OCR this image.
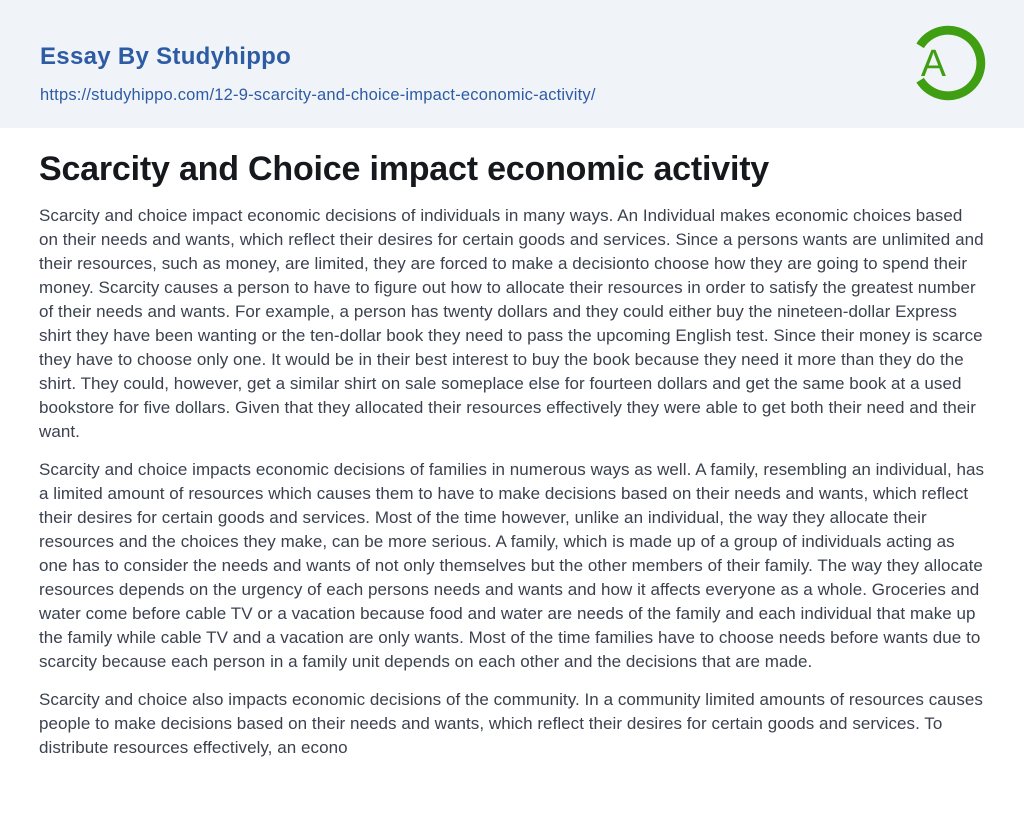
Essay By Studyhippo
https://studyhippo.com/12-9-scarcity-and-choice-impact-economic-activity/
A
Scarcity and Choice impact economic activity

Scarcity and choice impact economic decisions of individuals in many ways. An Individual makes economic choices based on their needs and wants, which reflect their desires for certain goods and services. Since a persons wants are unlimited and their resources, such as money, are limited, they are forced to make a decisionto choose how they are going to spend their money. Scarcity causes a person to have to figure out how to allocate their resources in order to satisfy the greatest number of their needs and wants. For example, a person has twenty dollars and they could either buy the nineteen-dollar Express shirt they have been wanting or the ten-dollar book they need to pass the upcoming English test. Since their money is scarce they have to choose only one. It would be in their best interest to buy the book because they need it more than they do the shirt. They could, however, get a similar shirt on sale someplace else for fourteen dollars and get the same book at a used bookstore for five dollars. Given that they allocated their resources effectively they were able to get both their need and their want.

Scarcity and choice impacts economic decisions of families in numerous ways as well. A family, resembling an individual, has a limited amount of resources which causes them to have to make decisions based on their needs and wants, which reflect their desires for certain goods and services. Most of the time however, unlike an individual, the way they allocate their resources and the choices they make, can be more serious. A family, which is made up of a group of individuals acting as one has to consider the needs and wants of not only themselves but the other members of their family. The way they allocate resources depends on the urgency of each persons needs and wants and how it affects everyone as a whole. Groceries and water come before cable TV or a vacation because food and water are needs of the family and each individual that make up the family while cable TV and a vacation are only wants. Most of the time families have to choose needs before wants due to scarcity because each person in a family unit depends on each other and the decisions that are made.

Scarcity and choice also impacts economic decisions of the community. In a community limited amounts of resources causes people to make decisions based on their needs and wants, which reflect their desires for certain goods and services. To distribute resources effectively, an econo
